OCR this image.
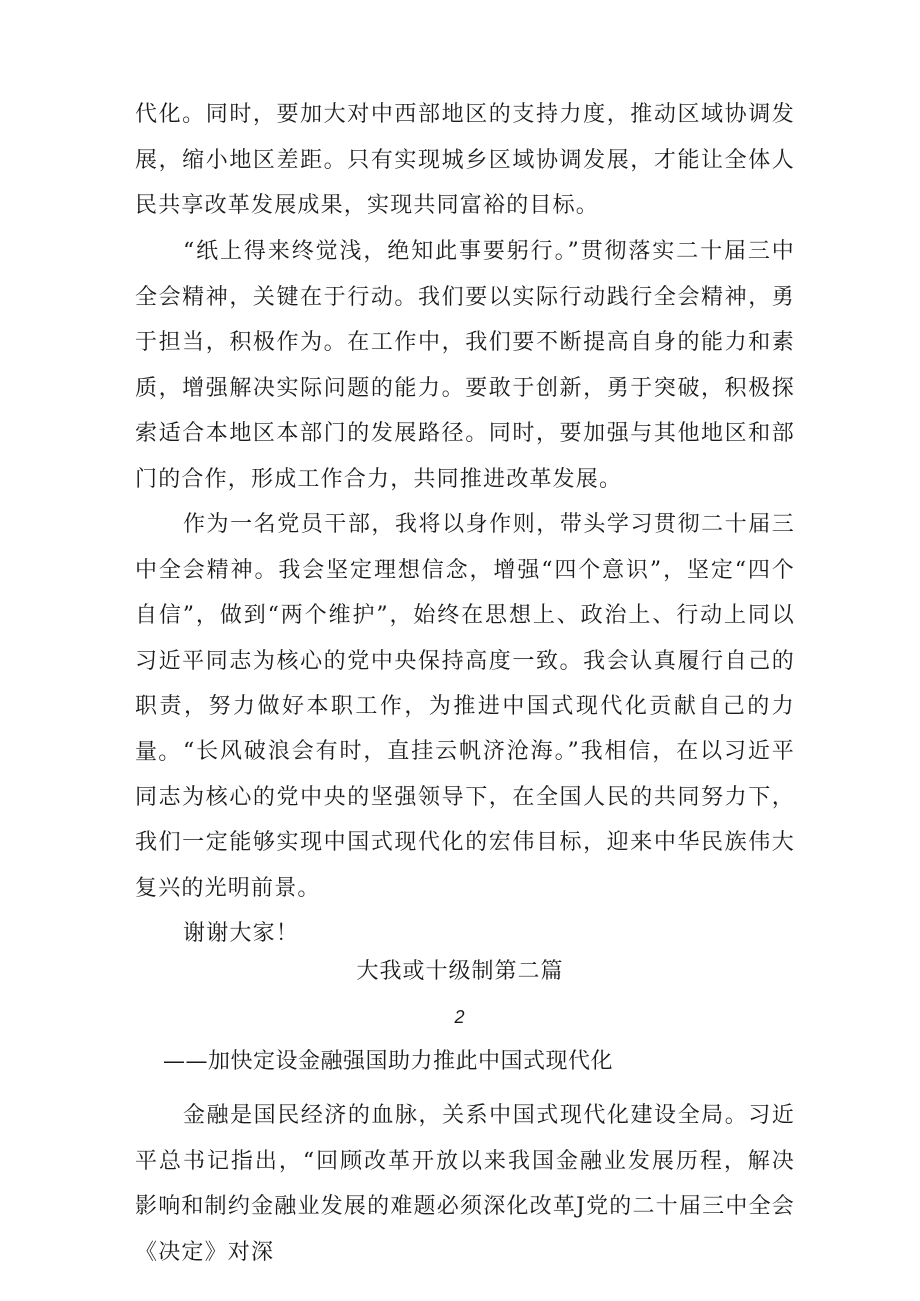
代化。同时，要加大对中西部地区的支持力度，推动区域协调发展，缩小地区差距。只有实现城乡区域协调发展，才能让全体人民共享改革发展成果，实现共同富裕的目标。

“纸上得来终觉浅，绝知此事要躬行。”贯彻落实二十届三中全会精神，关键在于行动。我们要以实际行动践行全会精神，勇于担当，积极作为。在工作中，我们要不断提高自身的能力和素质，增强解决实际问题的能力。要敢于创新，勇于突破，积极探索适合本地区本部门的发展路径。同时，要加强与其他地区和部门的合作，形成工作合力，共同推进改革发展。

作为一名党员干部，我将以身作则，带头学习贯彻二十届三中全会精神。我会坚定理想信念，增强“四个意识”，坚定“四个自信”，做到“两个维护”，始终在思想上、政治上、行动上同以习近平同志为核心的党中央保持高度一致。我会认真履行自己的职责，努力做好本职工作，为推进中国式现代化贡献自己的力量。 “长风破浪会有时，直挂云帆济沧海。”我相信，在以习近平同志为核心的党中央的坚强领导下，在全国人民的共同努力下，我们一定能够实现中国式现代化的宏伟目标，迎来中华民族伟大复兴的光明前景。

谢谢大家！

大我或十级制第二篇

2

——加快定设金融强国助力推此中国式现代化

金融是国民经济的血脉，关系中国式现代化建设全局。习近平总书记指出，“回顾改革开放以来我国金融业发展历程，解决影响和制约金融业发展的难题必须深化改革J党的二十届三中全会《决定》对深
